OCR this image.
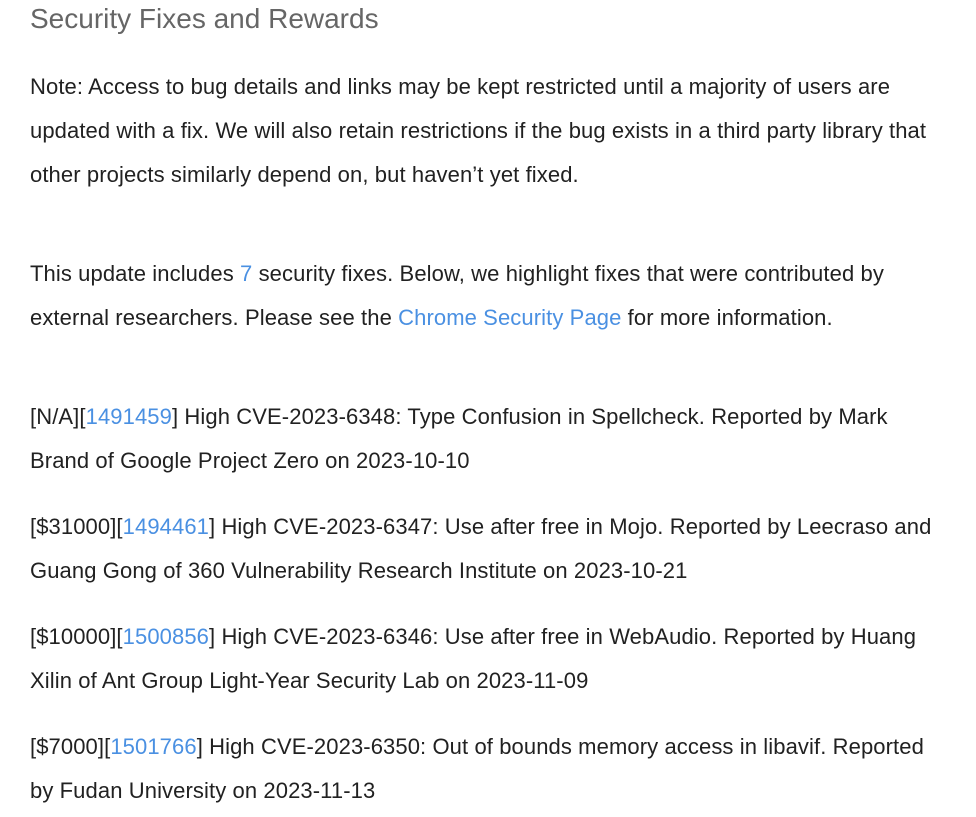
Security Fixes and Rewards

Note: Access to bug details and links may be kept restricted until a majority of users are updated with a fix. We will also retain restrictions if the bug exists in a third party library that other projects similarly depend on, but haven’t yet fixed.

This update includes 7 security fixes. Below, we highlight fixes that were contributed by external researchers. Please see the Chrome Security Page for more information.

[N/A][1491459] High CVE-2023-6348: Type Confusion in Spellcheck. Reported by Mark Brand of Google Project Zero on 2023-10-10

[$31000][1494461] High CVE-2023-6347: Use after free in Mojo. Reported by Leecraso and Guang Gong of 360 Vulnerability Research Institute on 2023-10-21

[$10000][1500856] High CVE-2023-6346: Use after free in WebAudio. Reported by Huang Xilin of Ant Group Light-Year Security Lab on 2023-11-09

[$7000][1501766] High CVE-2023-6350: Out of bounds memory access in libavif. Reported by Fudan University on 2023-11-13
